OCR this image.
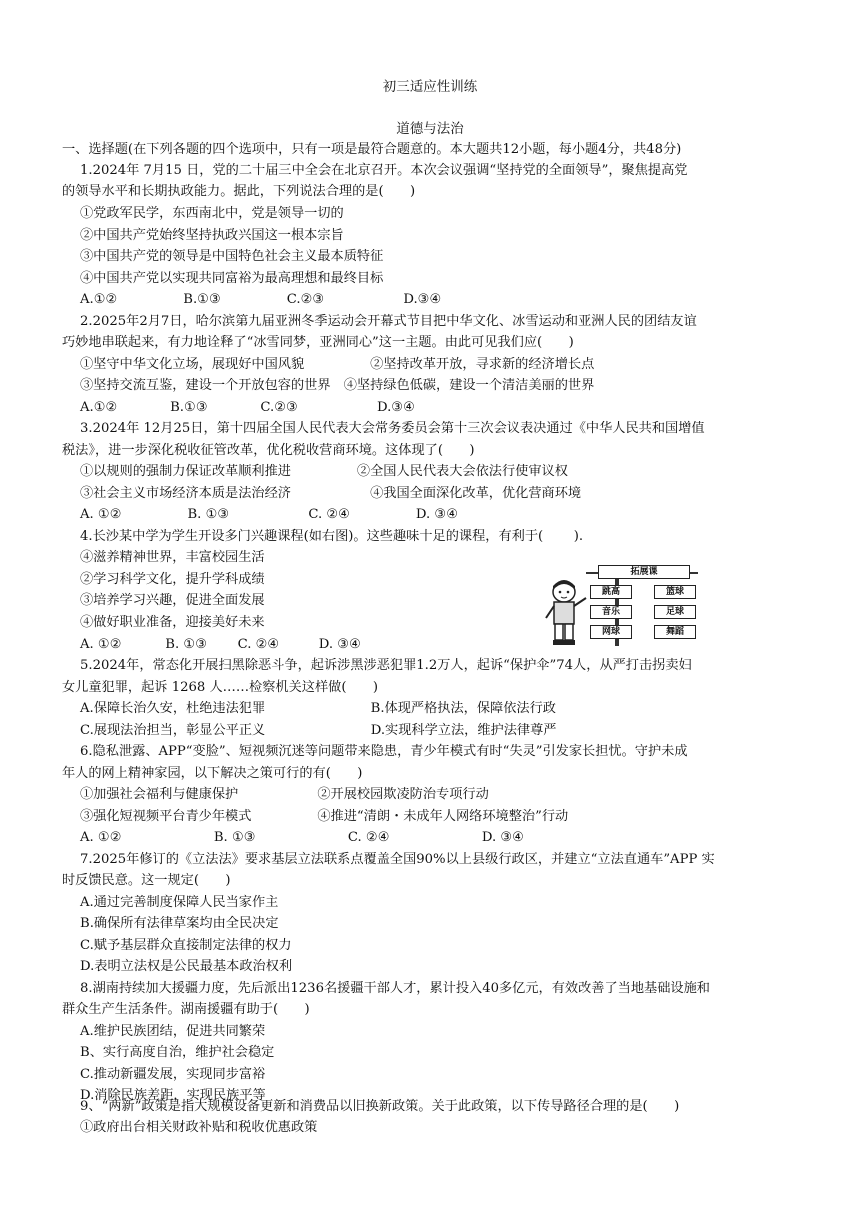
初三适应性训练
道德与法治
一、选择题(在下列各题的四个选项中，只有一项是最符合题意的。本大题共12小题，每小题4分，共48分)
1.2024年 7月15 日，党的二十届三中全会在北京召开。本次会议强调“坚持党的全面领导”，聚焦提高党
的领导水平和长期执政能力。据此，下列说法合理的是(　　)
①党政军民学，东西南北中，党是领导一切的
②中国共产党始终坚持执政兴国这一根本宗旨
③中国共产党的领导是中国特色社会主义最本质特征
④中国共产党以实现共同富裕为最高理想和最终目标
A.①②　　　　　B.①③　　　　　C.②③　　　　　　D.③④
2.2025年2月7日，哈尔滨第九届亚洲冬季运动会开幕式节目把中华文化、冰雪运动和亚洲人民的团结友谊
巧妙地串联起来，有力地诠释了“冰雪同梦，亚洲同心”这一主题。由此可见我们应(　　)
①坚守中华文化立场，展现好中国风貌　　　　　②坚持改革开放，寻求新的经济增长点
③坚持交流互鉴，建设一个开放包容的世界　④坚持绿色低碳，建设一个清洁美丽的世界
A.①②　　　　B.①③　　　　C.②③　　　　　　D.③④
3.2024年 12月25日，第十四届全国人民代表大会常务委员会第十三次会议表决通过《中华人民共和国增值
税法》，进一步深化税收征管改革，优化税收营商环境。这体现了(　　)
①以规则的强制力保证改革顺利推进　　　　　②全国人民代表大会依法行使审议权
③社会主义市场经济本质是法治经济　　　　　　④我国全面深化改革，优化营商环境
A. ①②　　　　　B. ①③　　　　　　C. ②④　　　　　D. ③④
4.长沙某中学为学生开设多门兴趣课程(如右图)。这些趣味十足的课程，有利于(　　 ).
④滋养精神世界，丰富校园生活
②学习科学文化，提升学科成绩
③培养学习兴趣，促进全面发展
④做好职业准备，迎接美好未来
A. ①②　　　 B. ①③　　 C. ②④　　　D. ③④
5.2024年，常态化开展扫黑除恶斗争，起诉涉黑涉恶犯罪1.2万人，起诉“保护伞”74人，从严打击拐卖妇
女儿童犯罪，起诉 1268 人……检察机关这样做(　　)
A.保障长治久安，杜绝违法犯罪　　　　　　　　B.体现严格执法，保障依法行政
C.展现法治担当，彰显公平正义　　　　　　　　D.实现科学立法，维护法律尊严
6.隐私泄露、APP“变脸”、短视频沉迷等问题带来隐患，青少年模式有时“失灵”引发家长担忧。守护未成
年人的网上精神家园，以下解决之策可行的有(　　)
①加强社会福利与健康保护　　　　　　②开展校园欺凌防治专项行动
③强化短视频平台青少年模式　　　　　④推进“清朗・未成年人网络环境整治”行动
A. ①②　　　　　　　B. ①③　　　　　　　C. ②④　　　　　　　D. ③④
7.2025年修订的《立法法》要求基层立法联系点覆盖全国90%以上县级行政区，并建立“立法直通车”APP 实
时反馈民意。这一规定(　　)
A.通过完善制度保障人民当家作主
B.确保所有法律草案均由全民决定
C.赋予基层群众直接制定法律的权力
D.表明立法权是公民最基本政治权利
8.湖南持续加大援疆力度，先后派出1236名援疆干部人才，累计投入40多亿元，有效改善了当地基础设施和
群众生产生活条件。湖南援疆有助于(　　)
A.维护民族团结，促进共同繁荣
B、实行高度自治，维护社会稳定
C.推动新疆发展，实现同步富裕
D.消除民族差距，实现民族平等
9、“两新”政策是指大规模设备更新和消费品以旧换新政策。关于此政策，以下传导路径合理的是(　　)
①政府出台相关财政补贴和税收优惠政策
拓展课
跳高
音乐
网球
篮球
足球
舞蹈
